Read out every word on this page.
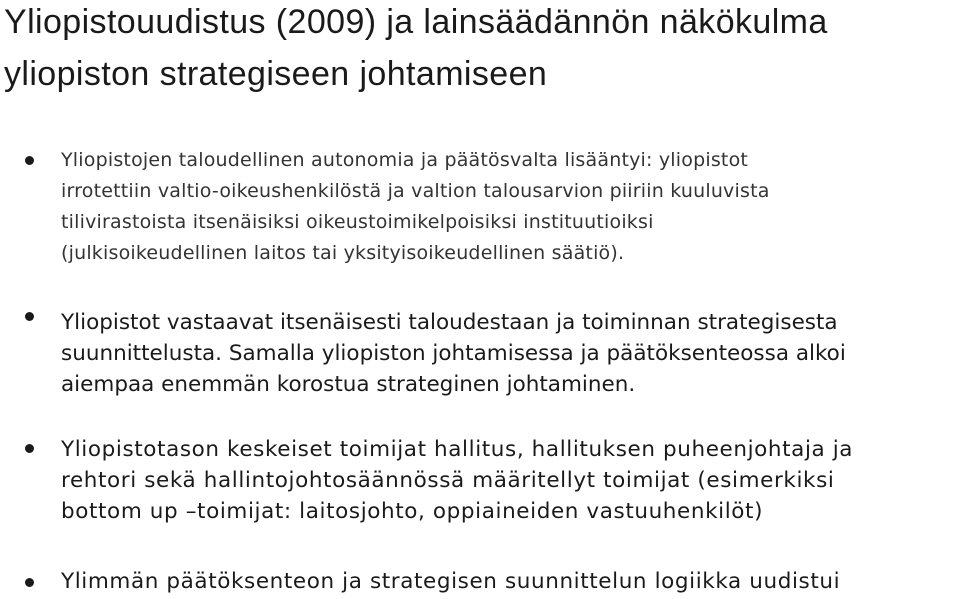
Yliopistouudistus (2009) ja lainsäädännön näkökulma
yliopiston strategiseen johtamiseen

Yliopistojen taloudellinen autonomia ja päätösvalta lisääntyi: yliopistot
irrotettiin valtio-oikeushenkilöstä ja valtion talousarvion piiriin kuuluvista
tilivirastoista itsenäisiksi oikeustoimikelpoisiksi instituutioiksi
(julkisoikeudellinen laitos tai yksityisoikeudellinen säätiö).

Yliopistot vastaavat itsenäisesti taloudestaan ja toiminnan strategisesta
suunnittelusta. Samalla yliopiston johtamisessa ja päätöksenteossa alkoi
aiempaa enemmän korostua strateginen johtaminen.

Yliopistotason keskeiset toimijat hallitus, hallituksen puheenjohtaja ja
rehtori sekä hallintojohtosäännössä määritellyt toimijat (esimerkiksi
bottom up –toimijat: laitosjohto, oppiaineiden vastuuhenkilöt)

Ylimmän päätöksenteon ja strategisen suunnittelun logiikka uudistui
